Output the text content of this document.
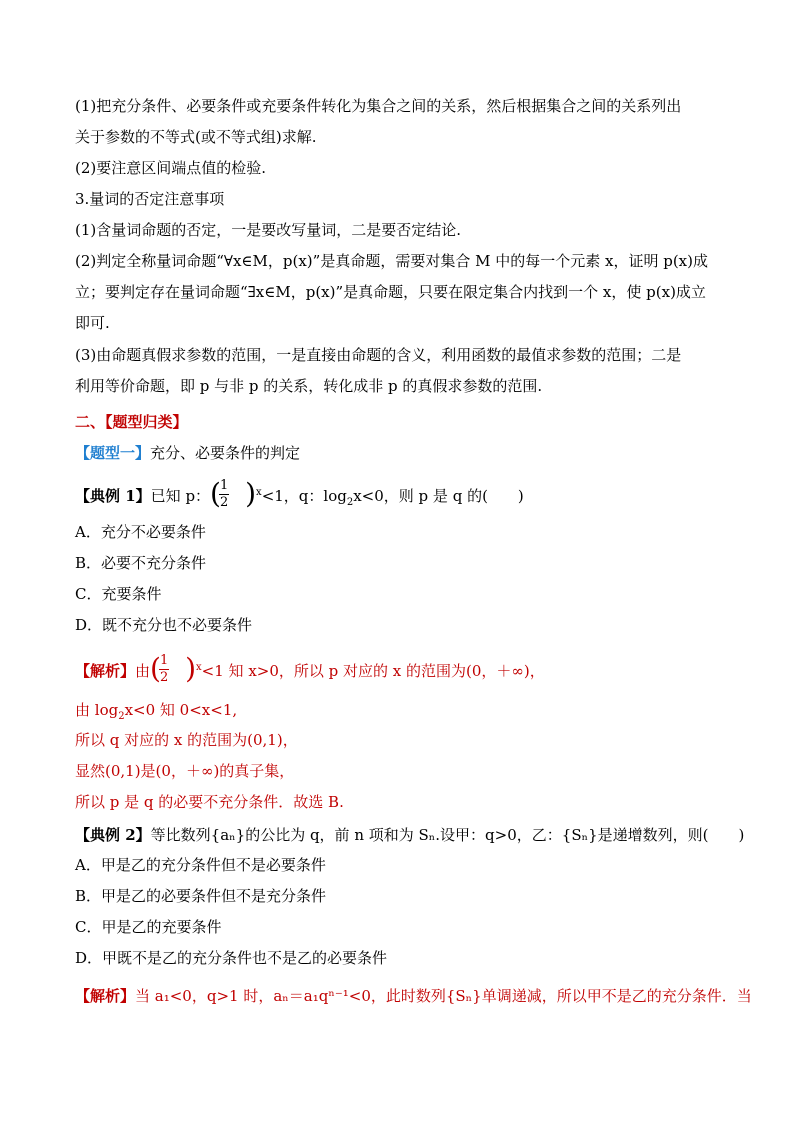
(1)把充分条件、必要条件或充要条件转化为集合之间的关系，然后根据集合之间的关系列出
关于参数的不等式(或不等式组)求解.
(2)要注意区间端点值的检验.
3.量词的否定注意事项
(1)含量词命题的否定，一是要改写量词，二是要否定结论.
(2)判定全称量词命题“∀x∈M，p(x)”是真命题，需要对集合 M 中的每一个元素 x，证明 p(x)成
立；要判定存在量词命题“∃x∈M，p(x)”是真命题，只要在限定集合内找到一个 x，使 p(x)成立
即可.
(3)由命题真假求参数的范围，一是直接由命题的含义，利用函数的最值求参数的范围；二是
利用等价命题，即 p 与非 p 的关系，转化成非 p 的真假求参数的范围.
二、【题型归类】
【题型一】充分、必要条件的判定
【典例 1】已知 p： ( 1
2 ) $^x$<1，q：$\log_2x<0$，则 p 是 q 的(　　)
A．充分不必要条件
B．必要不充分条件
C．充要条件
D．既不充分也不必要条件
【解析】由 ( 1
2 ) $^x$<1 知 x>0，所以 p 对应的 x 的范围为(0，＋∞)，
由 $\log_2x<0$ 知 0<x<1,
所以 q 对应的 x 的范围为(0,1)，
显然(0,1)是(0，＋∞)的真子集，
所以 p 是 q 的必要不充分条件．故选 B.
【典例 2】等比数列{aₙ}的公比为 q，前 n 项和为 Sₙ.设甲：q>0，乙：{Sₙ}是递增数列，则(　　)
A．甲是乙的充分条件但不是必要条件
B．甲是乙的必要条件但不是充分条件
C．甲是乙的充要条件
D．甲既不是乙的充分条件也不是乙的必要条件
【解析】当 a₁<0，q>1 时，aₙ＝a₁qⁿ⁻¹<0，此时数列{Sₙ}单调递减，所以甲不是乙的充分条件．当
